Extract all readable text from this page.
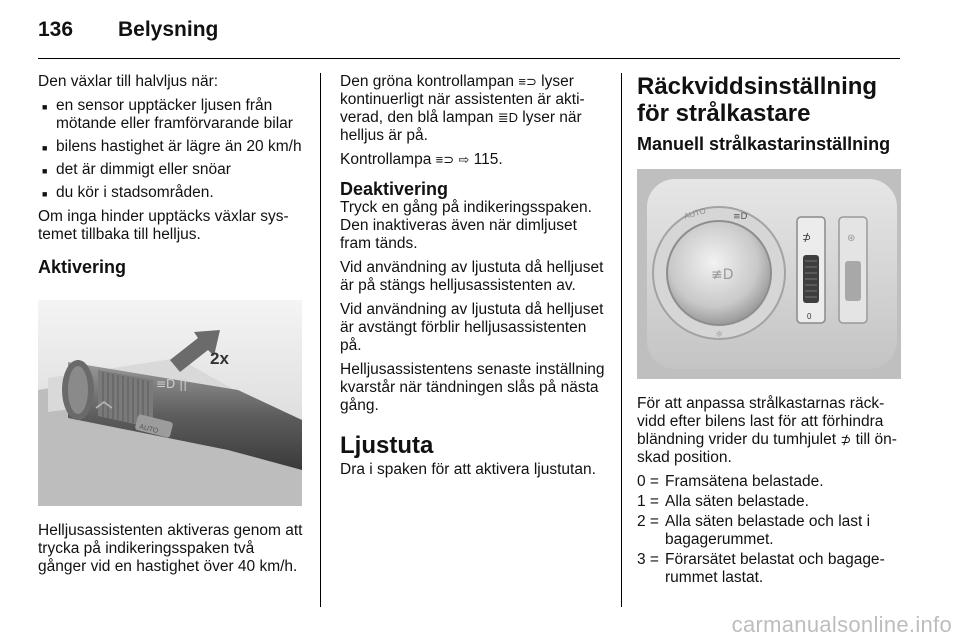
136	Belysning

Den växlar till halvljus när:

■ en sensor upptäcker ljusen från mötande eller framförvarande bilar
■ bilens hastighet är lägre än 20 km/h
■ det är dimmigt eller snöar
■ du kör i stadsområden.

Om inga hinder upptäcks växlar systemet tillbaka till helljus.

Aktivering
AUTO
≡D ||
2x

Helljusassistenten aktiveras genom att trycka på indikeringsspaken två gånger vid en hastighet över 40 km/h.

Den gröna kontrollampan ≡⊃ lyser kontinuerligt när assistenten är aktiverad, den blå lampan ≣D lyser när helljus är på.

Kontrollampa ≡⊃ ⇨ 115.

Deaktivering

Tryck en gång på indikeringsspaken. Den inaktiveras även när dimljuset fram tänds.

Vid användning av ljustuta då helljuset är på stängs helljusassistenten av.

Vid användning av ljustuta då helljuset är avstängt förblir helljusassistenten på.

Helljusassistentens senaste inställning kvarstår när tändningen slås på nästa gång.

Ljustuta

Dra i spaken för att aktivera ljustutan.

Räckviddsinställning för strålkastare
Manuell strålkastarinställning
≢D
AUTO	≡D
☼
⊅
0
⊛

För att anpassa strålkastarnas räckvidd efter bilens last för att förhindra bländning vrider du tumhjulet ⊅ till önskad position.

0 = Framsätena belastade.
1 = Alla säten belastade.
2 = Alla säten belastade och last i bagagerummet.
3 = Förarsätet belastat och bagagerummet lastat.
carmanualsonline.info
